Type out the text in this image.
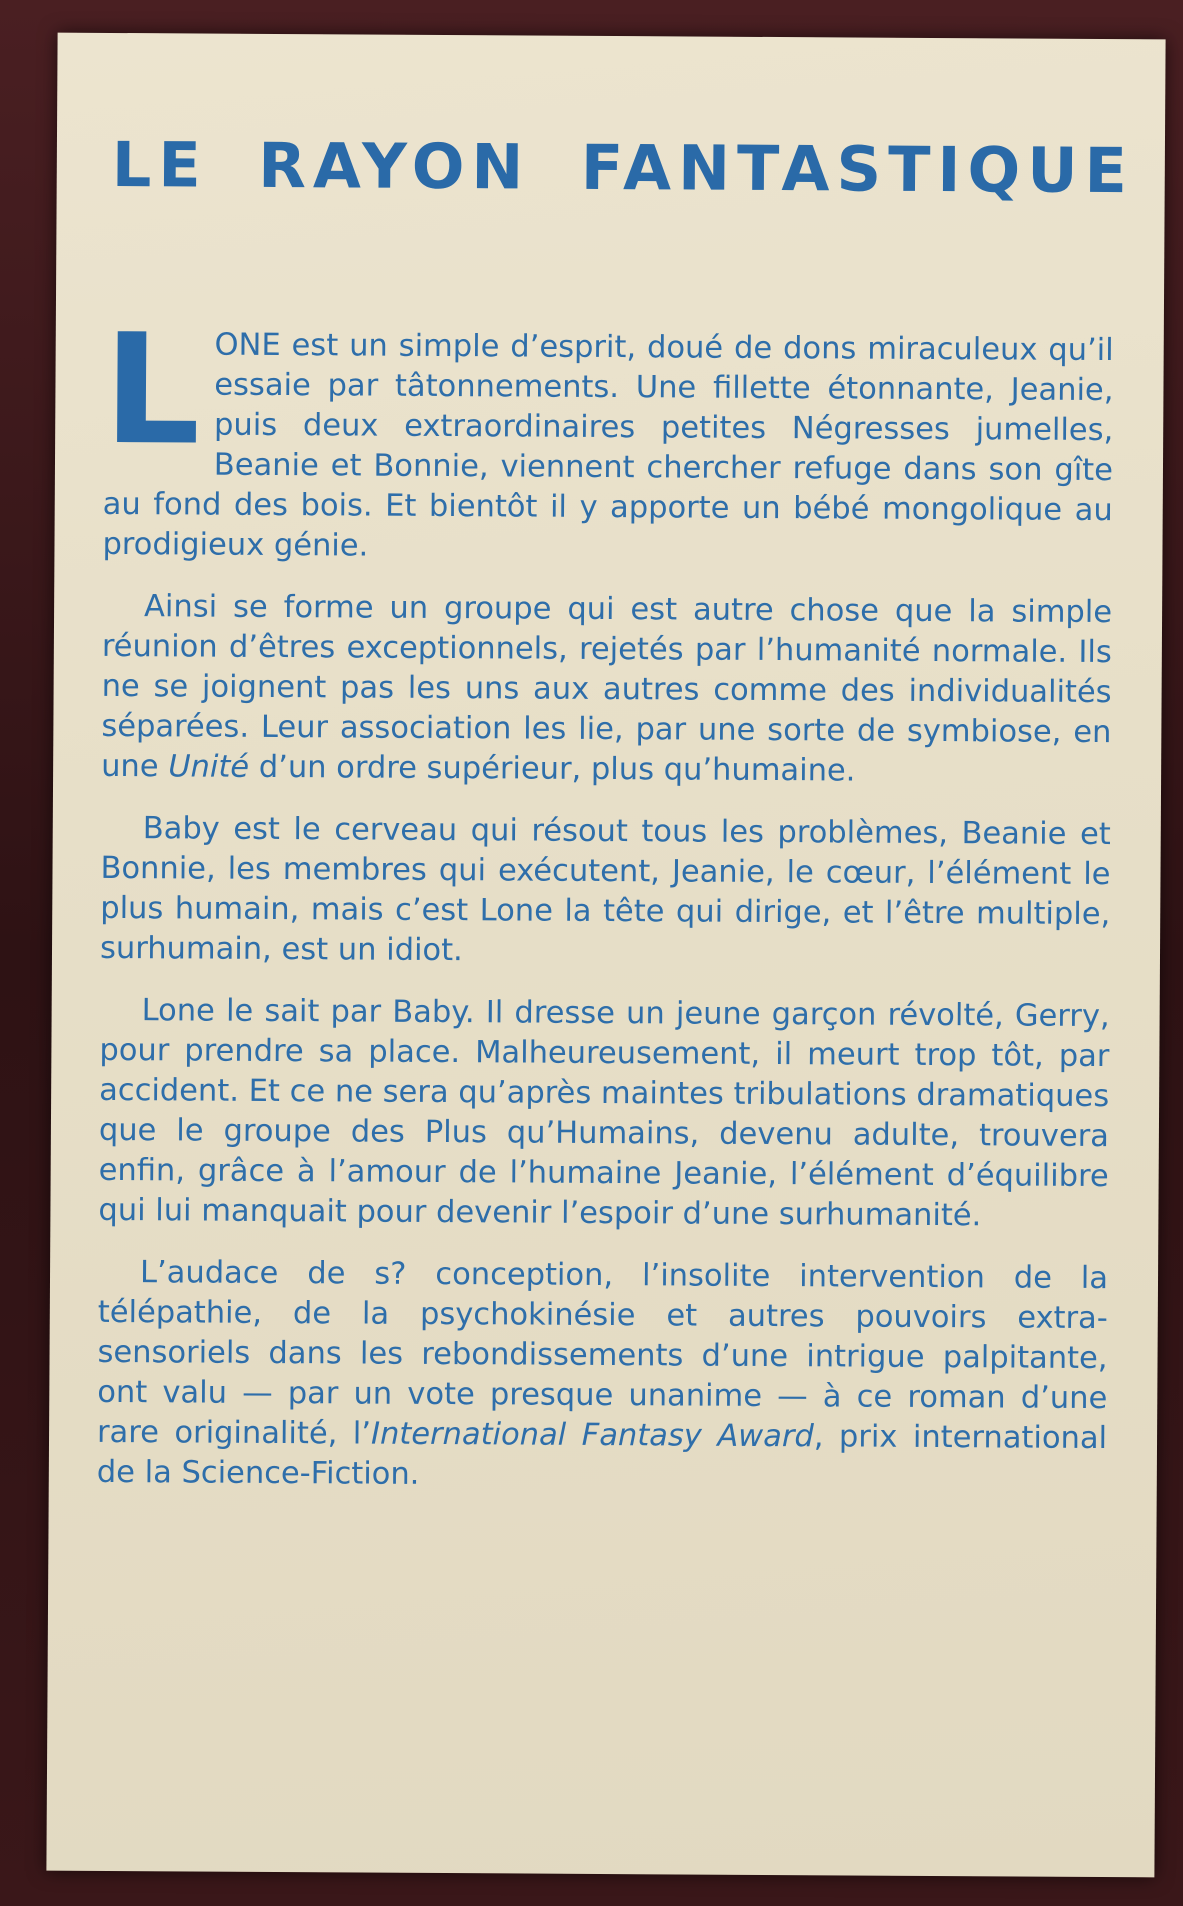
LE RAYON FANTASTIQUE

LONE est un simple d’esprit, doué de dons miraculeux qu’il essaie par tâtonnements. Une fillette étonnante, Jeanie, puis deux extraordinaires petites Négresses jumelles, Beanie et Bonnie, viennent chercher refuge dans son gîte au fond des bois. Et bientôt il y apporte un bébé mongolique au prodigieux génie.

Ainsi se forme un groupe qui est autre chose que la simple réunion d’êtres exceptionnels, rejetés par l’humanité normale. Ils ne se joignent pas les uns aux autres comme des individualités séparées. Leur association les lie, par une sorte de symbiose, en une Unité d’un ordre supérieur, plus qu’humaine.

Baby est le cerveau qui résout tous les problèmes, Beanie et Bonnie, les membres qui exécutent, Jeanie, le cœur, l’élément le plus humain, mais c’est Lone la tête qui dirige, et l’être multiple, surhumain, est un idiot.

Lone le sait par Baby. Il dresse un jeune garçon révolté, Gerry, pour prendre sa place. Malheureusement, il meurt trop tôt, par accident. Et ce ne sera qu’après maintes tribulations dramatiques que le groupe des Plus qu’Humains, devenu adulte, trouvera enfin, grâce à l’amour de l’humaine Jeanie, l’élément d’équilibre qui lui manquait pour devenir l’espoir d’une surhumanité.

L’audace de s? conception, l’insolite intervention de la télépathie, de la psychokinésie et autres pouvoirs extra-sensoriels dans les rebondissements d’une intrigue palpitante, ont valu — par un vote presque unanime — à ce roman d’une rare originalité, l’International Fantasy Award, prix international de la Science-Fiction.
